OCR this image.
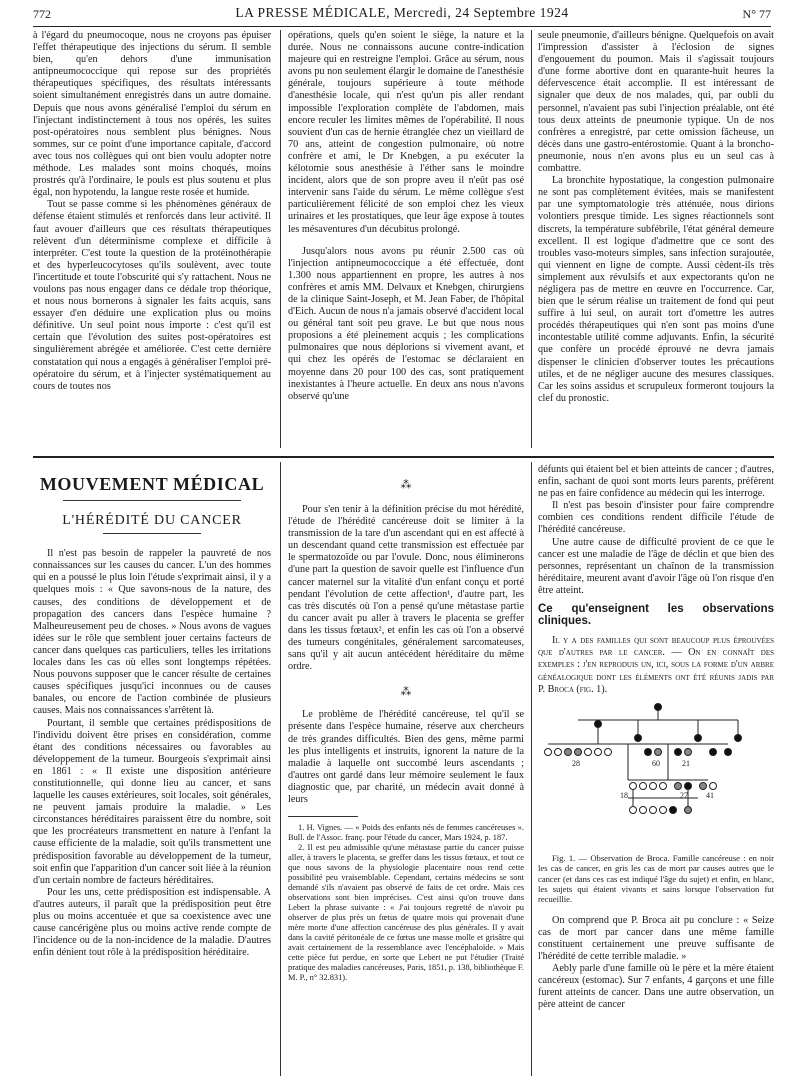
772	LA PRESSE MÉDICALE, Mercredi, 24 Septembre 1924	N° 77

à l'égard du pneumocoque, nous ne croyons pas épuiser l'effet thérapeutique des injections du sérum. Il semble bien, qu'en dehors d'une immunisation antipneumococcique qui repose sur des propriétés thérapeutiques spécifiques, des résultats intéressants soient simultanément enregistrés dans un autre domaine. Depuis que nous avons généralisé l'emploi du sérum en l'injectant indistinctement à tous nos opérés, les suites post-opératoires nous semblent plus bénignes. Nous sommes, sur ce point d'une importance capitale, d'accord avec tous nos collègues qui ont bien voulu adopter notre méthode. Les malades sont moins choqués, moins prostrés qu'à l'ordinaire, le pouls est plus soutenu et plus égal, non hypotendu, la langue reste rosée et humide.

Tout se passe comme si les phénomènes généraux de défense étaient stimulés et renforcés dans leur activité. Il faut avouer d'ailleurs que ces résultats thérapeutiques relèvent d'un déterminisme complexe et difficile à interpréter. C'est toute la question de la protéinothérapie et des hyperleucocytoses qu'ils soulèvent, avec toute l'incertitude et toute l'obscurité qui s'y rattachent. Nous ne voulons pas nous engager dans ce dédale trop théorique, et nous nous bornerons à signaler les faits acquis, sans essayer d'en déduire une explication plus ou moins définitive. Un seul point nous importe : c'est qu'il est certain que l'évolution des suites post-opératoires est singulièrement abrégée et améliorée. C'est cette dernière constatation qui nous a engagés à généraliser l'emploi pré-opératoire du sérum, et à l'injecter systématiquement au cours de toutes nos

opérations, quels qu'en soient le siège, la nature et la durée. Nous ne connaissons aucune contre-indication majeure qui en restreigne l'emploi. Grâce au sérum, nous avons pu non seulement élargir le domaine de l'anesthésie générale, toujours supérieure à toute méthode d'anesthésie locale, qui n'est qu'un pis aller rendant impossible l'exploration complète de l'abdomen, mais encore reculer les limites mêmes de l'opérabilité. Il nous souvient d'un cas de hernie étranglée chez un vieillard de 70 ans, atteint de congestion pulmonaire, où notre confrère et ami, le Dr Knebgen, a pu exécuter la kélotomie sous anesthésie à l'éther sans le moindre incident, alors que de son propre aveu il n'eût pas osé intervenir sans l'aide du sérum. Le même collègue s'est particulièrement félicité de son emploi chez les vieux urinaires et les prostatiques, que leur âge expose à toutes les mésaventures d'un décubitus prolongé.

Jusqu'alors nous avons pu réunir 2.500 cas où l'injection antipneumococcique a été effectuée, dont 1.300 nous appartiennent en propre, les autres à nos confrères et amis MM. Delvaux et Knebgen, chirurgiens de la clinique Saint-Joseph, et M. Jean Faber, de l'hôpital d'Eich. Aucun de nous n'a jamais observé d'accident local ou général tant soit peu grave. Le but que nous nous proposions a été pleinement acquis ; les complications pulmonaires que nous déplorions si vivement avant, et qui chez les opérés de l'estomac se déclaraient en moyenne dans 20 pour 100 des cas, sont pratiquement inexistantes à l'heure actuelle. En deux ans nous n'avons observé qu'une

seule pneumonie, d'ailleurs bénigne. Quelquefois on avait l'impression d'assister à l'éclosion de signes d'engouement du poumon. Mais il s'agissait toujours d'une forme abortive dont en quarante-huit heures la défervescence était accomplie. Il est intéressant de signaler que deux de nos malades, qui, par oubli du personnel, n'avaient pas subi l'injection préalable, ont été tous deux atteints de pneumonie typique. Un de nos confrères a enregistré, par cette omission fâcheuse, un décès dans une gastro-entérostomie. Quant à la broncho-pneumonie, nous n'en avons plus eu un seul cas à combattre.

La bronchite hypostatique, la congestion pulmonaire ne sont pas complètement évitées, mais se manifestent par une symptomatologie très atténuée, nous dirions volontiers presque timide. Les signes réactionnels sont discrets, la température subfébrile, l'état général demeure excellent. Il est logique d'admettre que ce sont des troubles vaso-moteurs simples, sans infection surajoutée, qui viennent en ligne de compte. Aussi cèdent-ils très simplement aux révulsifs et aux expectorants qu'on ne négligera pas de mettre en œuvre en l'occurrence. Car, bien que le sérum réalise un traitement de fond qui peut suffire à lui seul, on aurait tort d'omettre les autres procédés thérapeutiques qui n'en sont pas moins d'une incontestable utilité comme adjuvants. Enfin, la sécurité que confère un procédé éprouvé ne devra jamais dispenser le clinicien d'observer toutes les précautions utiles, et de ne négliger aucune des mesures classiques. Car les soins assidus et scrupuleux formeront toujours la clef du pronostic.

MOUVEMENT MÉDICAL
L'HÉRÉDITÉ DU CANCER

Il n'est pas besoin de rappeler la pauvreté de nos connaissances sur les causes du cancer. L'un des hommes qui en a poussé le plus loin l'étude s'exprimait ainsi, il y a quelques mois : « Que savons-nous de la nature, des causes, des conditions de développement et de propagation des cancers dans l'espèce humaine ? Malheureusement peu de choses. » Nous avons de vagues idées sur le rôle que semblent jouer certains facteurs de cancer dans quelques cas particuliers, telles les irritations locales dans les cas où elles sont longtemps répétées. Nous pouvons supposer que le cancer résulte de certaines causes spécifiques jusqu'ici inconnues ou de causes banales, ou encore de l'action combinée de plusieurs causes. Mais nos connaissances s'arrêtent là.

Pourtant, il semble que certaines prédispositions de l'individu doivent être prises en considération, comme étant des conditions nécessaires ou favorables au développement de la tumeur. Bourgeois s'exprimait ainsi en 1861 : « Il existe une disposition antérieure constitutionnelle, qui donne lieu au cancer, et sans laquelle les causes extérieures, soit locales, soit générales, ne peuvent jamais produire la maladie. » Les circonstances héréditaires paraissent être du nombre, soit que les procréateurs transmettent en nature à l'enfant la cause efficiente de la maladie, soit qu'ils transmettent une prédisposition favorable au développement de la tumeur, soit enfin que l'apparition d'un cancer soit liée à la réunion d'un certain nombre de facteurs héréditaires.

Pour les uns, cette prédisposition est indispensable. A d'autres auteurs, il paraît que la prédisposition peut être plus ou moins accentuée et que sa coexistence avec une cause cancérigène plus ou moins active rende compte de l'incidence ou de la non-incidence de la maladie. D'autres enfin dénient tout rôle à la prédisposition héréditaire.

⁂

Pour s'en tenir à la définition précise du mot hérédité, l'étude de l'hérédité cancéreuse doit se limiter à la transmission de la tare d'un ascendant qui en est affecté à un descendant quand cette transmission est effectuée par le spermatozoïde ou par l'ovule. Donc, nous éliminerons d'une part la question de savoir quelle est l'influence d'un cancer maternel sur la vitalité d'un enfant conçu et porté pendant l'évolution de cette affection¹, d'autre part, les cas très discutés où l'on a pensé qu'une métastase partie du cancer avait pu aller à travers le placenta se greffer dans les tissus fœtaux², et enfin les cas où l'on a observé des tumeurs congénitales, généralement sarcomateuses, sans qu'il y ait aucun antécédent héréditaire du même ordre.

⁂

Le problème de l'hérédité cancéreuse, tel qu'il se présente dans l'espèce humaine, réserve aux chercheurs de très grandes difficultés. Bien des gens, même parmi les plus intelligents et instruits, ignorent la nature de la maladie à laquelle ont succombé leurs ascendants ; d'autres ont gardé dans leur mémoire seulement le faux diagnostic que, par charité, un médecin avait donné à leurs

1. H. Vignes. — « Poids des enfants nés de femmes cancéreuses ». Bull. de l'Assoc. franç. pour l'étude du cancer, Mars 1924, p. 187.

2. Il est peu admissible qu'une métastase partie du cancer puisse aller, à travers le placenta, se greffer dans les tissus fœtaux, et tout ce que nous savons de la physiologie placentaire nous rend cette possibilité peu vraisemblable. Cependant, certains médecins se sont demandé s'ils n'avaient pas observé de faits de cet ordre. Mais ces observations sont bien imprécises. C'est ainsi qu'on trouve dans Lebert la phrase suivante : « J'ai toujours regretté de n'avoir pu observer de plus près un fœtus de quatre mois qui provenait d'une mère morte d'une affection cancéreuse des plus générales. Il y avait dans la cavité péritonéale de ce fœtus une masse molle et grisâtre qui avait certainement de la ressemblance avec l'encéphaloïde. » Mais cette pièce fut perdue, en sorte que Lebert ne put l'étudier (Traité pratique des maladies cancéreuses, Paris, 1851, p. 138, bibliothèque F. M. P., n° 32.831).

défunts qui étaient bel et bien atteints de cancer ; d'autres, enfin, sachant de quoi sont morts leurs parents, préfèrent ne pas en faire confidence au médecin qui les interroge.

Il n'est pas besoin d'insister pour faire comprendre combien ces conditions rendent difficile l'étude de l'hérédité cancéreuse.

Une autre cause de difficulté provient de ce que le cancer est une maladie de l'âge de déclin et que bien des personnes, représentant un chaînon de la transmission héréditaire, meurent avant d'avoir l'âge où l'on risque d'en être atteint.

Ce qu'enseignent les observations cliniques.

Il y a des familles qui sont beaucoup plus éprouvées que d'autres par le cancer. — On en connaît des exemples : j'en reproduis un, ici, sous la forme d'un arbre généalogique dont les éléments ont été réunis jadis par P. Broca (fig. 1).

28	60	21
18	27 41

Fig. 1. — Observation de Broca. Famille cancéreuse : en noir les cas de cancer, en gris les cas de mort par causes autres que le cancer (et dans ces cas est indiqué l'âge du sujet) et enfin, en blanc, les sujets qui étaient vivants et sains lorsque l'observation fut recueillie.

On comprend que P. Broca ait pu conclure : « Seize cas de mort par cancer dans une même famille constituent certainement une preuve suffisante de l'hérédité de cette terrible maladie. »

Aebly parle d'une famille où le père et la mère étaient cancéreux (estomac). Sur 7 enfants, 4 garçons et une fille furent atteints de cancer. Dans une autre observation, un père atteint de cancer
